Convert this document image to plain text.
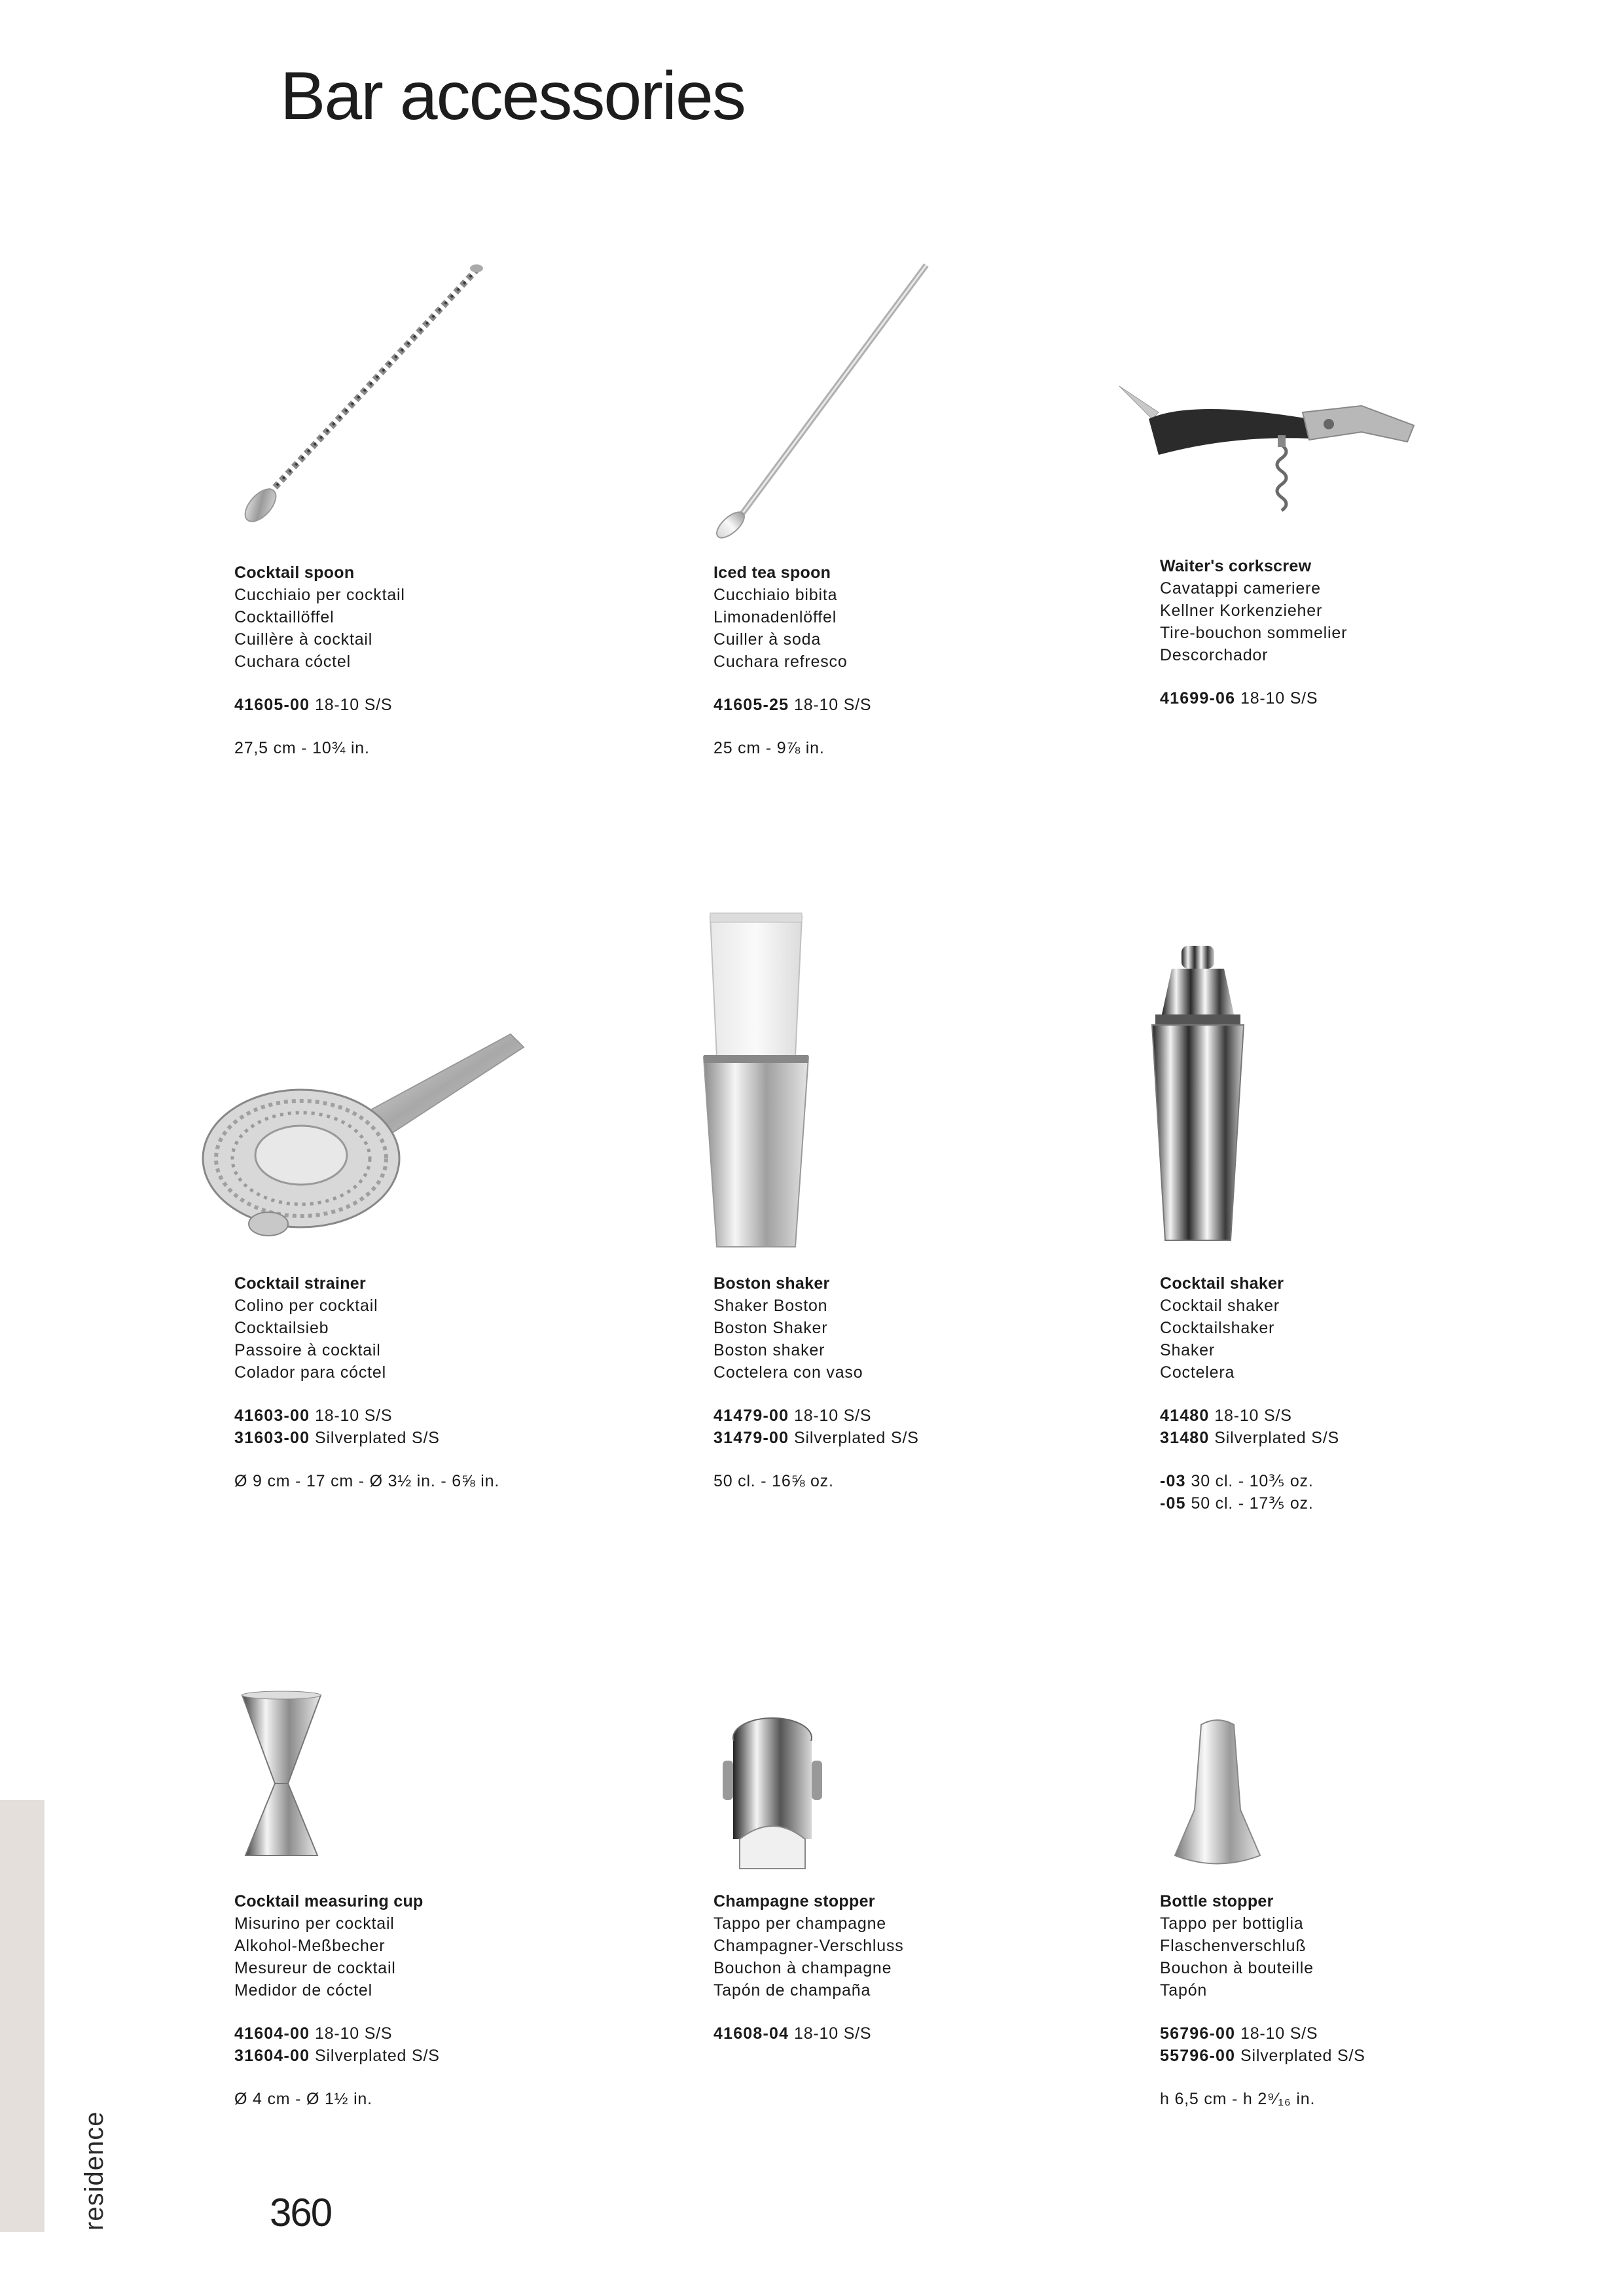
Bar accessories
Cocktail spoon
Cucchiaio per cocktail
Cocktaillöffel
Cuillère à cocktail
Cuchara cóctel
41605-00 18-10 S/S
27,5 cm - 10¾ in.
Iced tea spoon
Cucchiaio bibita
Limonadenlöffel
Cuiller à soda
Cuchara refresco
41605-25 18-10 S/S
25 cm - 9⅞ in.
Waiter's corkscrew
Cavatappi cameriere
Kellner Korkenzieher
Tire-bouchon sommelier
Descorchador
41699-06 18-10 S/S
Cocktail strainer
Colino per cocktail
Cocktailsieb
Passoire à cocktail
Colador para cóctel
41603-00 18-10 S/S
31603-00 Silverplated S/S
Ø 9 cm - 17 cm - Ø 3½ in. - 6⅝ in.
Boston shaker
Shaker Boston
Boston Shaker
Boston shaker
Coctelera con vaso
41479-00 18-10 S/S
31479-00 Silverplated S/S
50 cl. - 16⅝ oz.
Cocktail shaker
Cocktail shaker
Cocktailshaker
Shaker
Coctelera
41480 18-10 S/S
31480 Silverplated S/S
-03 30 cl. - 10⅗ oz.
-05 50 cl. - 17⅗ oz.
Cocktail measuring cup
Misurino per cocktail
Alkohol-Meßbecher
Mesureur de cocktail
Medidor de cóctel
41604-00 18-10 S/S
31604-00 Silverplated S/S
Ø 4 cm - Ø 1½ in.
Champagne stopper
Tappo per champagne
Champagner-Verschluss
Bouchon à champagne
Tapón de champaña
41608-04 18-10 S/S
Bottle stopper
Tappo per bottiglia
Flaschenverschluß
Bouchon à bouteille
Tapón
56796-00 18-10 S/S
55796-00 Silverplated S/S
h 6,5 cm - h 2⁹⁄₁₆ in.
residence	360
